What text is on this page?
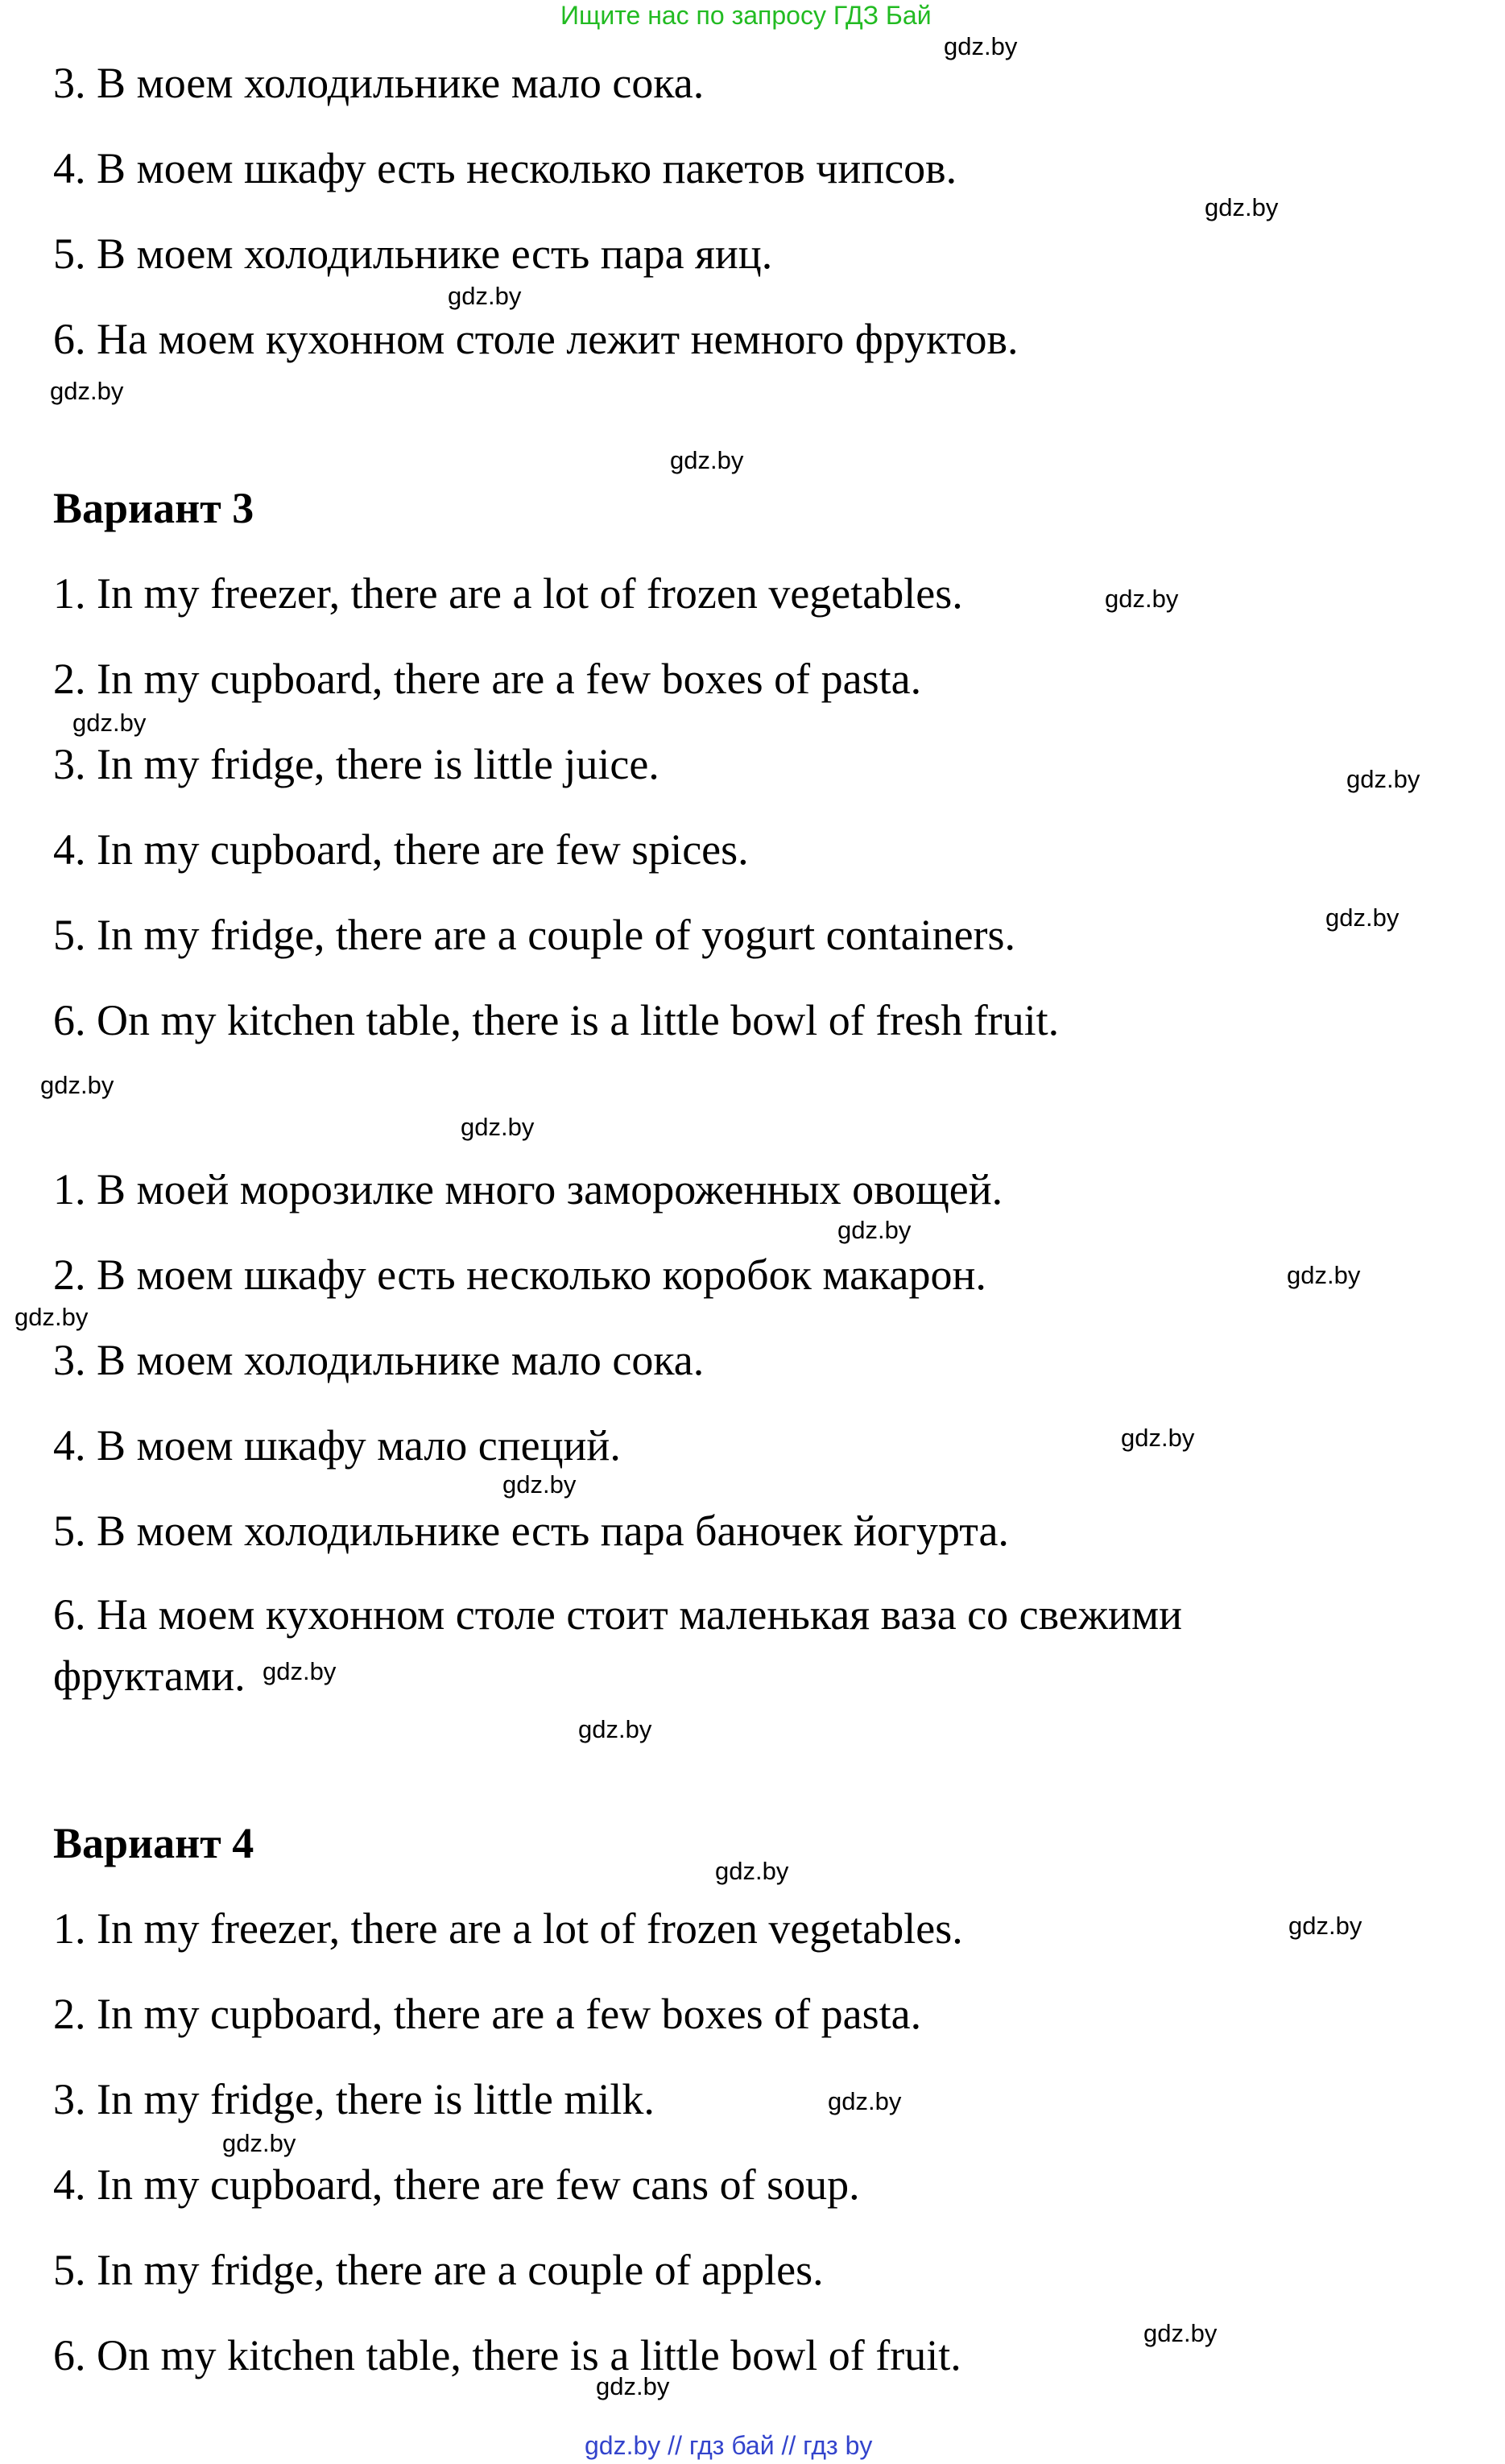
Ищите нас по запросу ГДЗ Бай
3. В моем холодильнике мало сока.
4. В моем шкафу есть несколько пакетов чипсов.
5. В моем холодильнике есть пара яиц.
6. На моем кухонном столе лежит немного фруктов.
Вариант 3
1. In my freezer, there are a lot of frozen vegetables.
2. In my cupboard, there are a few boxes of pasta.
3. In my fridge, there is little juice.
4. In my cupboard, there are few spices.
5. In my fridge, there are a couple of yogurt containers.
6. On my kitchen table, there is a little bowl of fresh fruit.
1. В моей морозилке много замороженных овощей.
2. В моем шкафу есть несколько коробок макарон.
3. В моем холодильнике мало сока.
4. В моем шкафу мало специй.
5. В моем холодильнике есть пара баночек йогурта.
6. На моем кухонном столе стоит маленькая ваза со свежими фруктами.
Вариант 4
1. In my freezer, there are a lot of frozen vegetables.
2. In my cupboard, there are a few boxes of pasta.
3. In my fridge, there is little milk.
4. In my cupboard, there are few cans of soup.
5. In my fridge, there are a couple of apples.
6. On my kitchen table, there is a little bowl of fruit.
gdz.by
gdz.by
gdz.by
gdz.by
gdz.by
gdz.by
gdz.by
gdz.by
gdz.by
gdz.by
gdz.by
gdz.by
gdz.by
gdz.by
gdz.by
gdz.by
gdz.by
gdz.by
gdz.by
gdz.by
gdz.by
gdz.by
gdz.by
gdz.by
gdz.by // гдз бай // гдз by
